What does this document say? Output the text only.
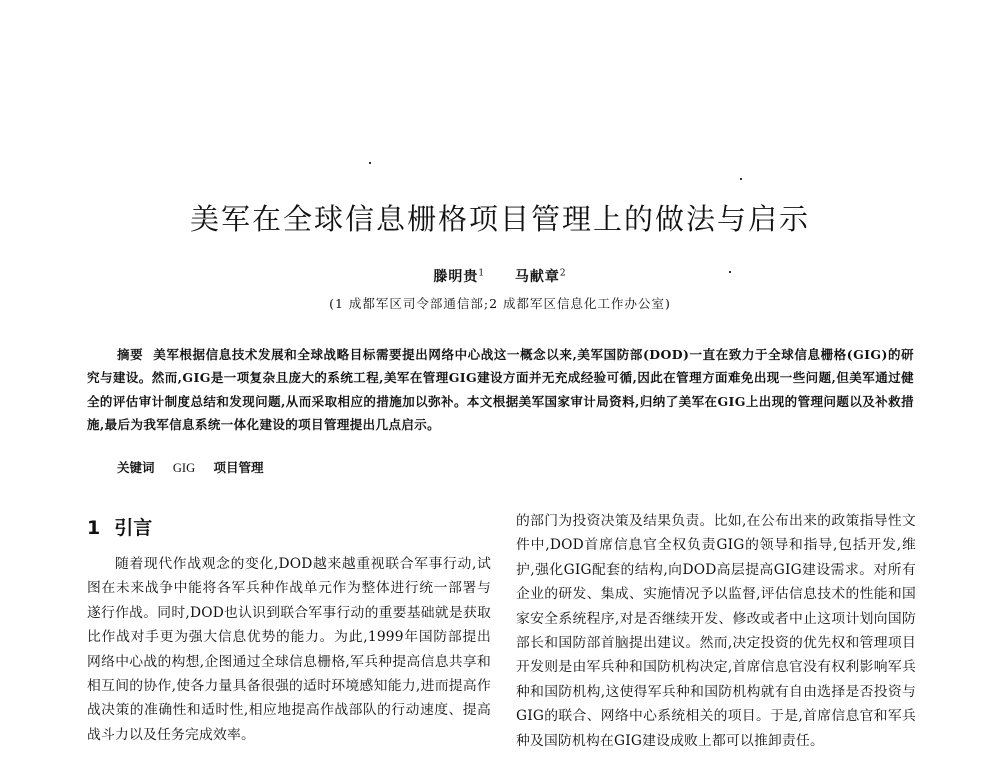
美军在全球信息栅格项目管理上的做法与启示
滕明贵$^1$ 马献章$^2$
(1 成都军区司令部通信部;2 成都军区信息化工作办公室)

摘要 美军根据信息技术发展和全球战略目标需要提出网络中心战这一概念以来,美军国防部(DOD)一直在致力于全球信息栅格(GIG)的研究与建设。然而,GIG是一项复杂且庞大的系统工程,美军在管理GIG建设方面并无充成经验可循,因此在管理方面难免出现一些问题,但美军通过健全的评估审计制度总结和发现问题,从而采取相应的措施加以弥补。本文根据美军国家审计局资料,归纳了美军在GIG上出现的管理问题以及补救措施,最后为我军信息系统一体化建设的项目管理提出几点启示。

关键词 GIG 项目管理
1 引言

随着现代作战观念的变化,DOD越来越重视联合军事行动,试图在未来战争中能将各军兵种作战单元作为整体进行统一部署与遂行作战。同时,DOD也认识到联合军事行动的重要基础就是获取比作战对手更为强大信息优势的能力。为此,1999年国防部提出网络中心战的构想,企图通过全球信息栅格,军兵种提高信息共享和相互间的协作,使各力量具备很强的适时环境感知能力,进而提高作战决策的准确性和适时性,相应地提高作战部队的行动速度、提高战斗力以及任务完成效率。

的部门为投资决策及结果负责。比如,在公布出来的政策指导性文件中,DOD首席信息官全权负责GIG的领导和指导,包括开发,维护,强化GIG配套的结构,向DOD高层提高GIG建设需求。对所有企业的研发、集成、实施情况予以监督,评估信息技术的性能和国家安全系统程序,对是否继续开发、修改或者中止这项计划向国防部长和国防部首脑提出建议。然而,决定投资的优先权和管理项目开发则是由军兵种和国防机构决定,首席信息官没有权利影响军兵种和国防机构,这使得军兵种和国防机构就有自由选择是否投资与GIG的联合、网络中心系统相关的项目。于是,首席信息官和军兵种及国防机构在GIG建设成败上都可以推卸责任。
